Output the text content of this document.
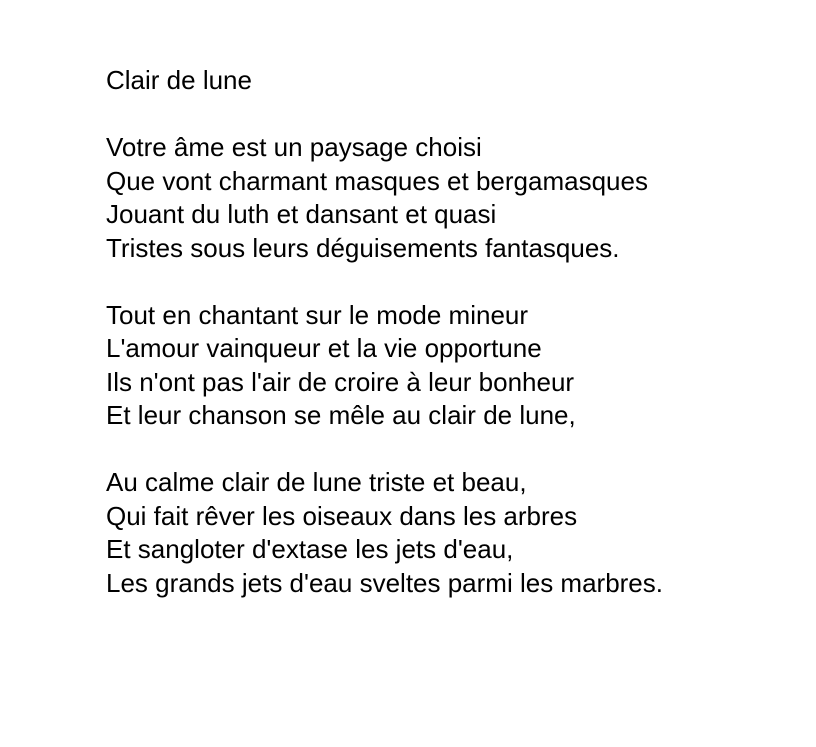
Clair de lune
Votre âme est un paysage choisi
Que vont charmant masques et bergamasques
Jouant du luth et dansant et quasi
Tristes sous leurs déguisements fantasques.
Tout en chantant sur le mode mineur
L'amour vainqueur et la vie opportune
Ils n'ont pas l'air de croire à leur bonheur
Et leur chanson se mêle au clair de lune,
Au calme clair de lune triste et beau,
Qui fait rêver les oiseaux dans les arbres
Et sangloter d'extase les jets d'eau,
Les grands jets d'eau sveltes parmi les marbres.
